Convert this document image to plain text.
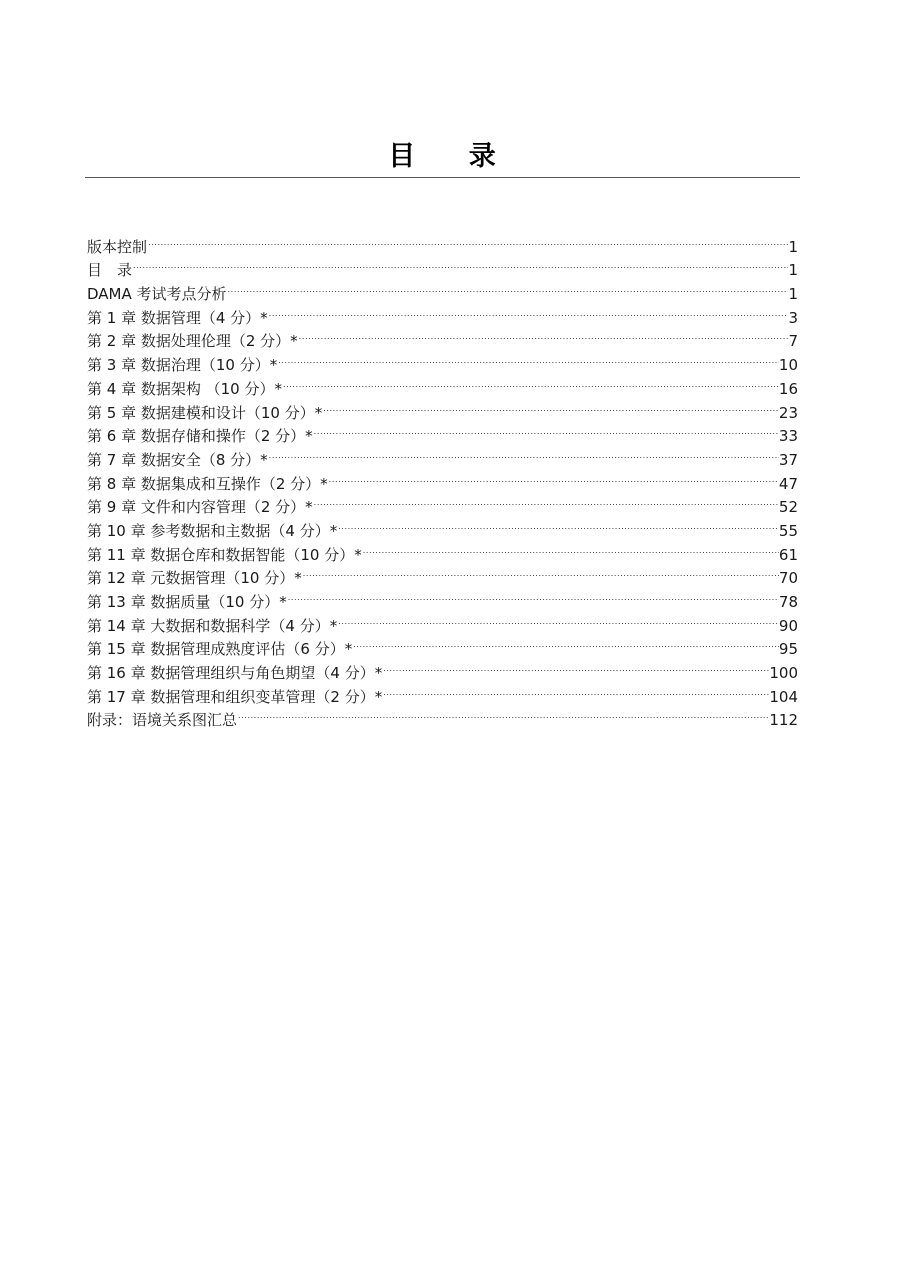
目 录
版本控制 .....	1
目　录 .....	1
DAMA 考试考点分析 .....	1
第 1 章 数据管理（4 分）* .....	3
第 2 章 数据处理伦理（2 分）* .....	7
第 3 章 数据治理（10 分）* .....	10
第 4 章 数据架构 （10 分）* .....	16
第 5 章 数据建模和设计（10 分）* .....	23
第 6 章 数据存储和操作（2 分）* .....	33
第 7 章 数据安全（8 分）* .....	37
第 8 章 数据集成和互操作（2 分）* .....	47
第 9 章 文件和内容管理（2 分）* .....	52
第 10 章 参考数据和主数据（4 分）* .....	55
第 11 章 数据仓库和数据智能（10 分）* .....	61
第 12 章 元数据管理（10 分）* .....	70
第 13 章 数据质量（10 分）* .....	78
第 14 章 大数据和数据科学（4 分）* .....	90
第 15 章 数据管理成熟度评估（6 分）* .....	95
第 16 章 数据管理组织与角色期望（4 分）* .....	100
第 17 章 数据管理和组织变革管理（2 分）* .....	104
附录：语境关系图汇总 .....	112
